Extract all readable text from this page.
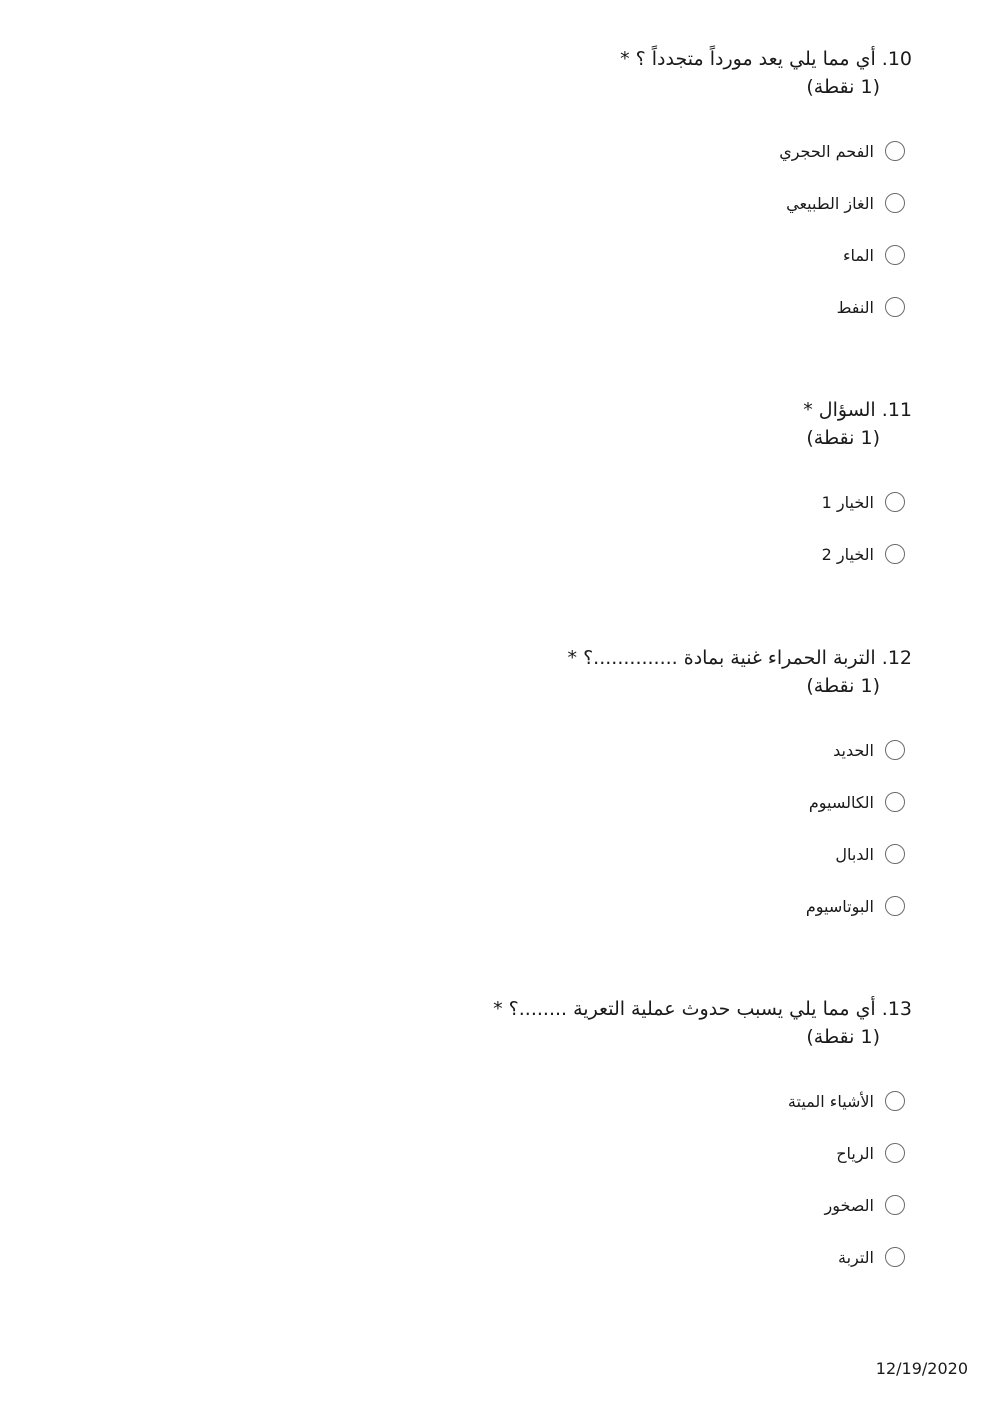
10. أي مما يلي يعد مورداً متجدداً ؟ *
(1 نقطة)
الفحم الحجري
الغاز الطبيعي
الماء
النفط
11. السؤال *
(1 نقطة)
الخيار 1
الخيار 2
12. التربة الحمراء غنية بمادة ..............؟ *
(1 نقطة)
الحديد
الكالسيوم
الدبال
البوتاسيوم
13. أي مما يلي يسبب حدوث عملية التعرية ........؟ *
(1 نقطة)
الأشياء الميتة
الرياح
الصخور
التربة
12/19/2020
